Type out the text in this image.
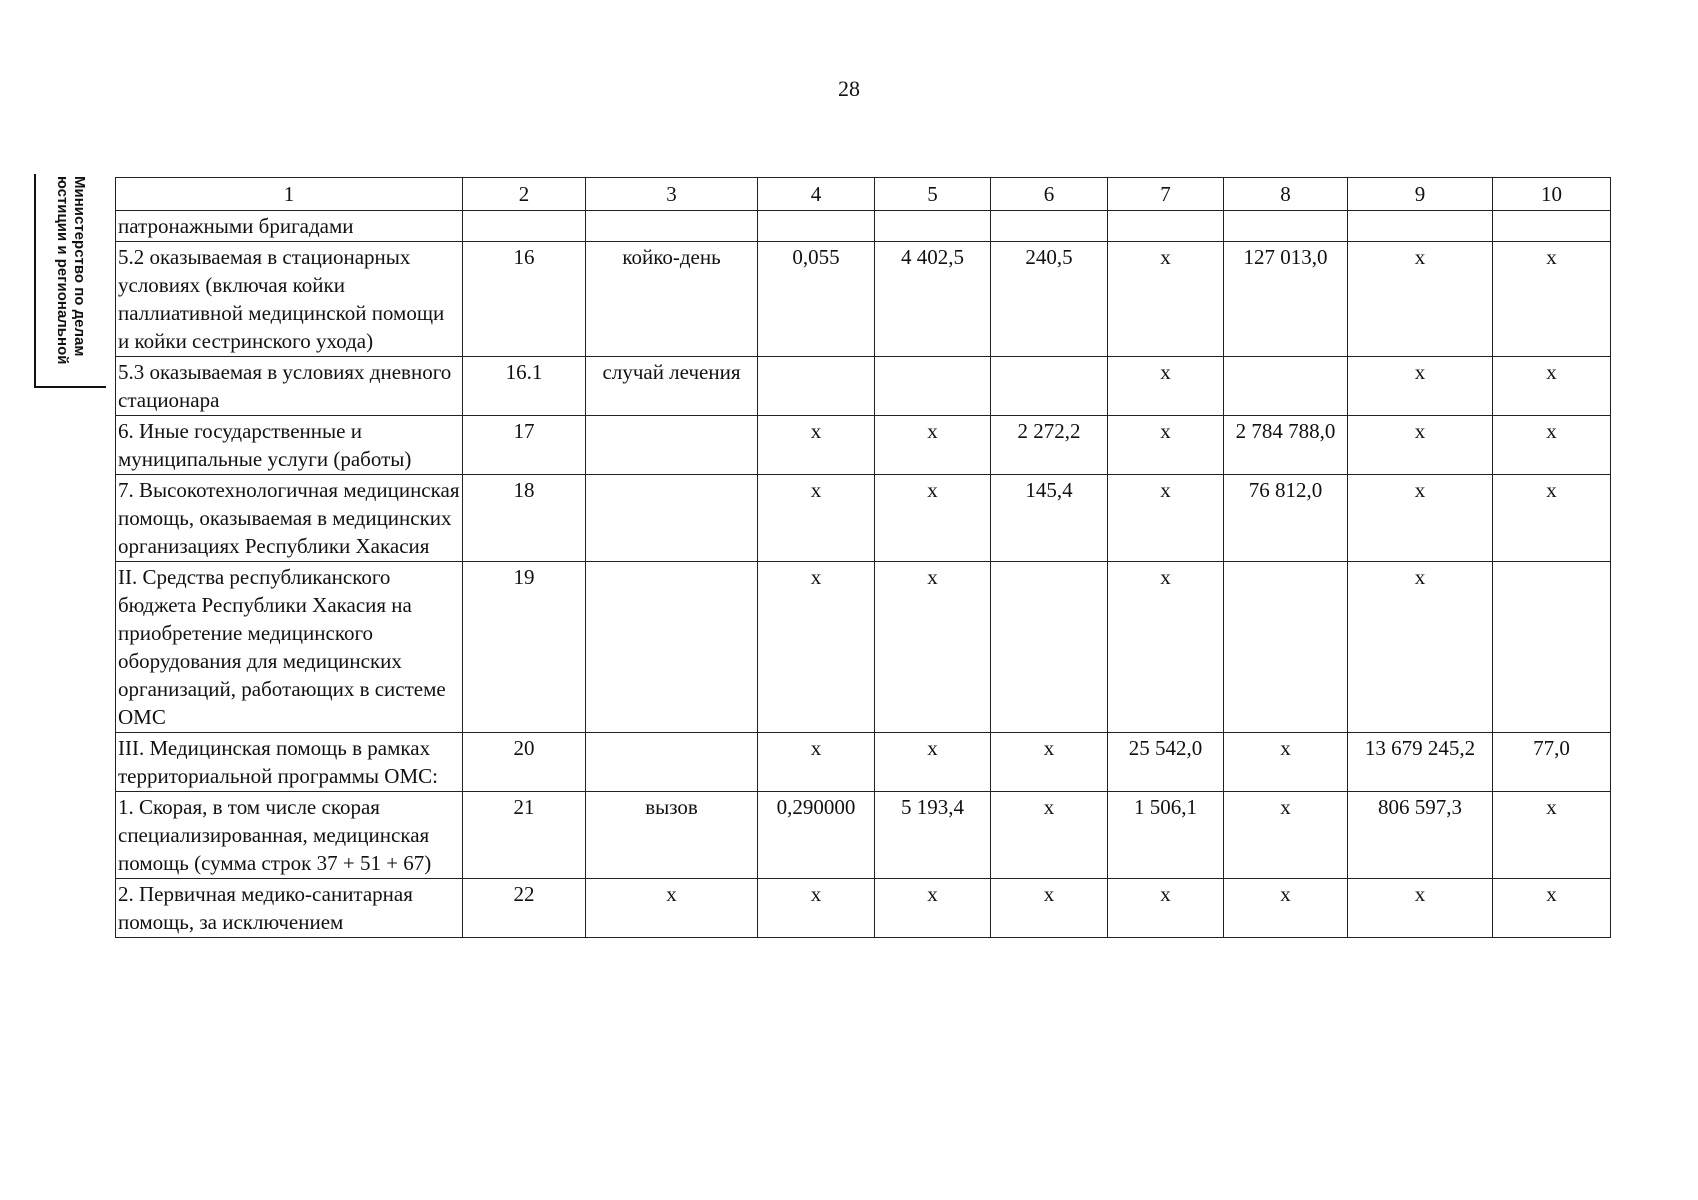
28
Министерство по делам
юстиции и региональной	1	2	3	4	5	6	7	8	9	10
патронажными бригадами									
5.2 оказываемая в стационарных условиях (включая койки паллиативной медицинской помощи и койки сестринского ухода)	16	койко-день	0,055	4 402,5	240,5	х	127 013,0	х	х
5.3 оказываемая в условиях дневного стационара	16.1	случай лечения				х		х	х
6. Иные государственные и муниципальные услуги (работы)	17		х	х	2 272,2	х	2 784 788,0	х	х
7. Высокотехнологичная медицинская помощь, оказываемая в медицинских организациях Республики Хакасия	18		х	х	145,4	х	76 812,0	х	х
II. Средства республиканского бюджета Республики Хакасия на приобретение медицинского оборудования для медицинских организаций, работающих в системе ОМС	19		х	х		х		х	
III. Медицинская помощь в рамках территориальной программы ОМС:	20		х	х	х	25 542,0	х	13 679 245,2	77,0
1. Скорая, в том числе скорая специализированная, медицинская помощь (сумма строк 37 + 51 + 67)	21	вызов	0,290000	5 193,4	х	1 506,1	х	806 597,3	х
2. Первичная медико-санитарная помощь, за исключением	22	х	х	х	х	х	х	х	х
